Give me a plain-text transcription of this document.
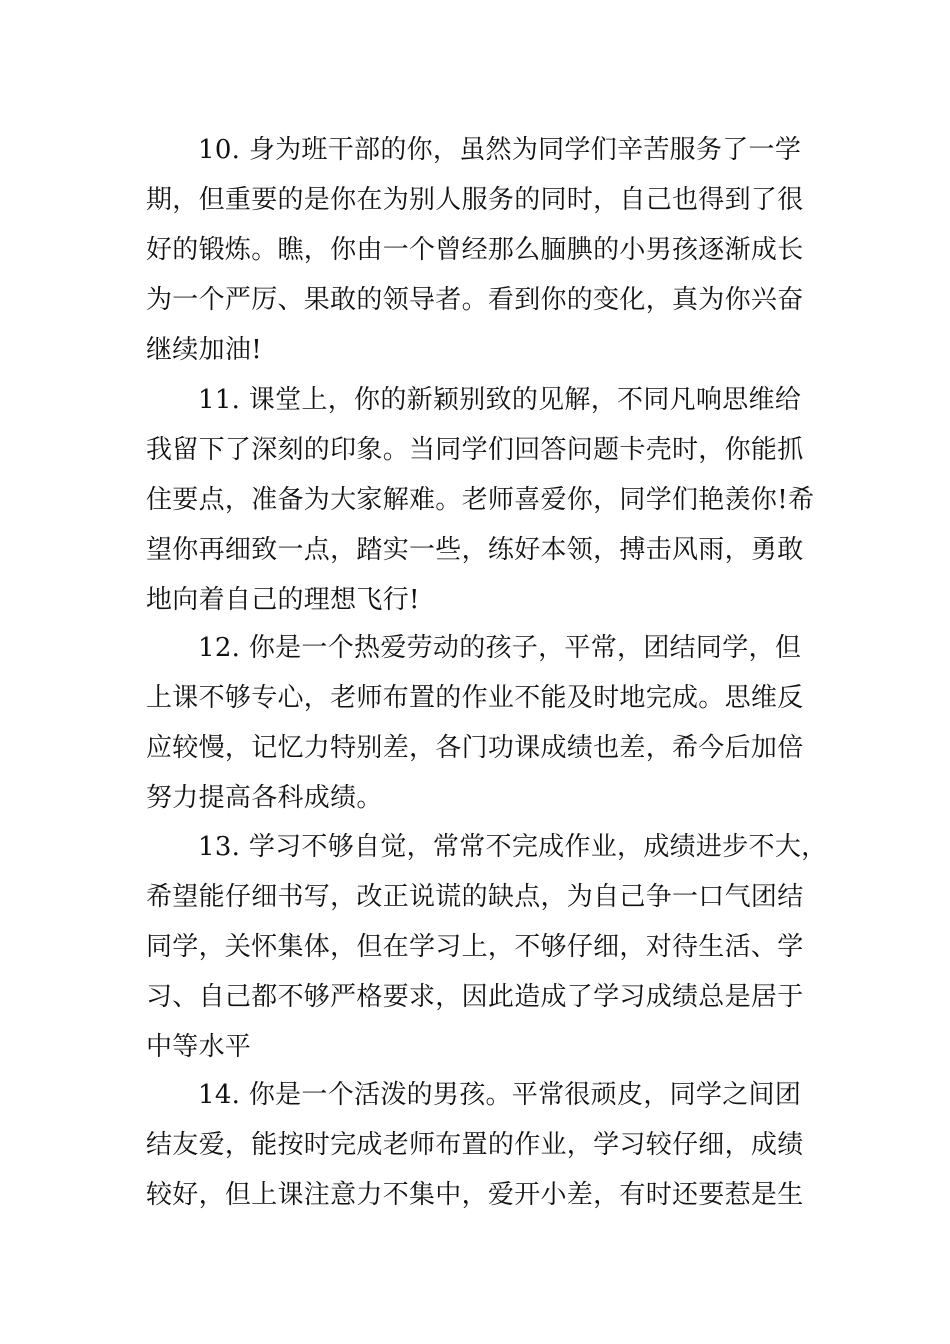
10. 身为班干部的你，虽然为同学们辛苦服务了一学
期，但重要的是你在为别人服务的同时，自己也得到了很
好的锻炼。瞧，你由一个曾经那么腼腆的小男孩逐渐成长
为一个严厉、果敢的领导者。看到你的变化，真为你兴奋
继续加油!
11. 课堂上，你的新颖别致的见解，不同凡响思维给
我留下了深刻的印象。当同学们回答问题卡壳时，你能抓
住要点，准备为大家解难。老师喜爱你，同学们艳羡你!希
望你再细致一点，踏实一些，练好本领，搏击风雨，勇敢
地向着自己的理想飞行!
12. 你是一个热爱劳动的孩子，平常，团结同学，但
上课不够专心，老师布置的作业不能及时地完成。思维反
应较慢，记忆力特别差，各门功课成绩也差，希今后加倍
努力提高各科成绩。
13. 学习不够自觉，常常不完成作业，成绩进步不大，
希望能仔细书写，改正说谎的缺点，为自己争一口气团结
同学，关怀集体，但在学习上，不够仔细，对待生活、学
习、自己都不够严格要求，因此造成了学习成绩总是居于
中等水平
14. 你是一个活泼的男孩。平常很顽皮，同学之间团
结友爱，能按时完成老师布置的作业，学习较仔细，成绩
较好，但上课注意力不集中，爱开小差，有时还要惹是生
